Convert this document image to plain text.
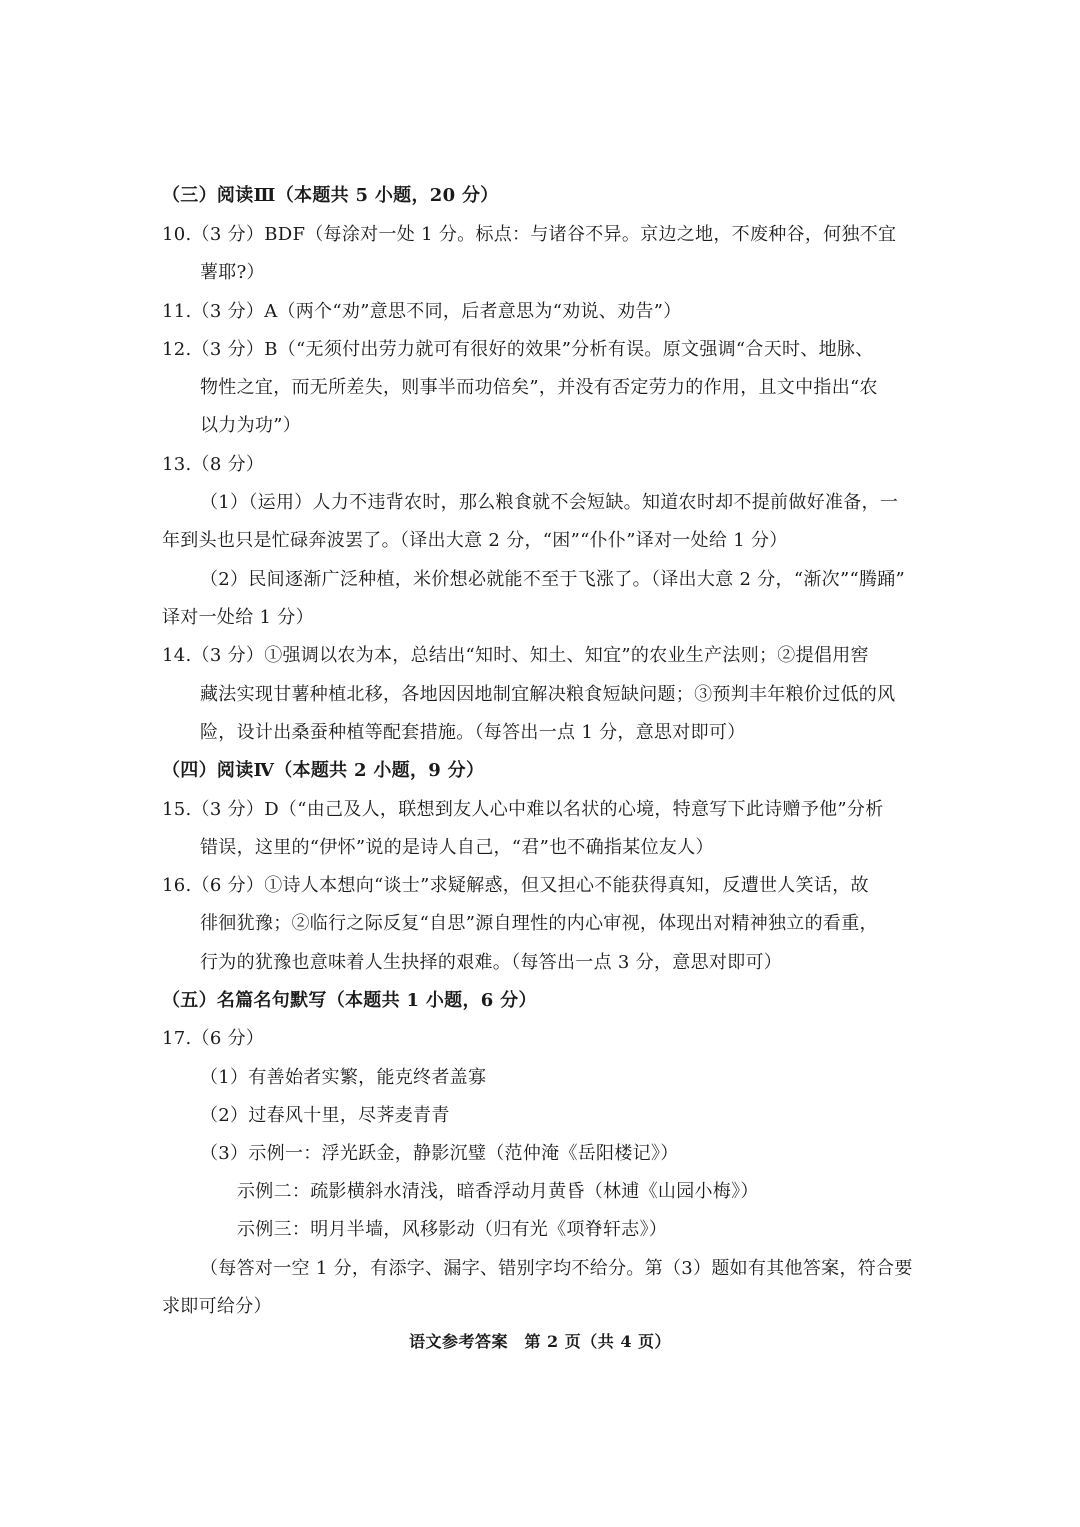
（三）阅读Ⅲ（本题共 5 小题，20 分）
10.（3 分）BDF（每涂对一处 1 分。标点：与诸谷不异。京边之地，不废种谷，何独不宜
薯耶?）
11.（3 分）A（两个“劝”意思不同，后者意思为“劝说、劝告”）
12.（3 分）B（“无须付出劳力就可有很好的效果”分析有误。原文强调“合天时、地脉、
物性之宜，而无所差失，则事半而功倍矣”，并没有否定劳力的作用，且文中指出“农
以力为功”）
13.（8 分）
（1）（运用）人力不违背农时，那么粮食就不会短缺。知道农时却不提前做好准备，一
年到头也只是忙碌奔波罢了。（译出大意 2 分，“困”“仆仆”译对一处给 1 分）
（2）民间逐渐广泛种植，米价想必就能不至于飞涨了。（译出大意 2 分，“渐次”“腾踊”
译对一处给 1 分）
14.（3 分）①强调以农为本，总结出“知时、知土、知宜”的农业生产法则；②提倡用窖
藏法实现甘薯种植北移，各地因因地制宜解决粮食短缺问题；③预判丰年粮价过低的风
险，设计出桑蚕种植等配套措施。（每答出一点 1 分，意思对即可）
（四）阅读Ⅳ（本题共 2 小题，9 分）
15.（3 分）D（“由己及人，联想到友人心中难以名状的心境，特意写下此诗赠予他”分析
错误，这里的“伊怀”说的是诗人自己，“君”也不确指某位友人）
16.（6 分）①诗人本想向“谈士”求疑解惑，但又担心不能获得真知，反遭世人笑话，故
徘徊犹豫；②临行之际反复“自思”源自理性的内心审视，体现出对精神独立的看重，
行为的犹豫也意味着人生抉择的艰难。（每答出一点 3 分，意思对即可）
（五）名篇名句默写（本题共 1 小题，6 分）
17.（6 分）
（1）有善始者实繁，能克终者盖寡
（2）过春风十里，尽荠麦青青
（3）示例一：浮光跃金，静影沉璧（范仲淹《岳阳楼记》）
示例二：疏影横斜水清浅，暗香浮动月黄昏（林逋《山园小梅》）
示例三：明月半墙，风移影动（归有光《项脊轩志》）
（每答对一空 1 分，有添字、漏字、错别字均不给分。第（3）题如有其他答案，符合要
求即可给分）
语文参考答案　第 2 页（共 4 页）
